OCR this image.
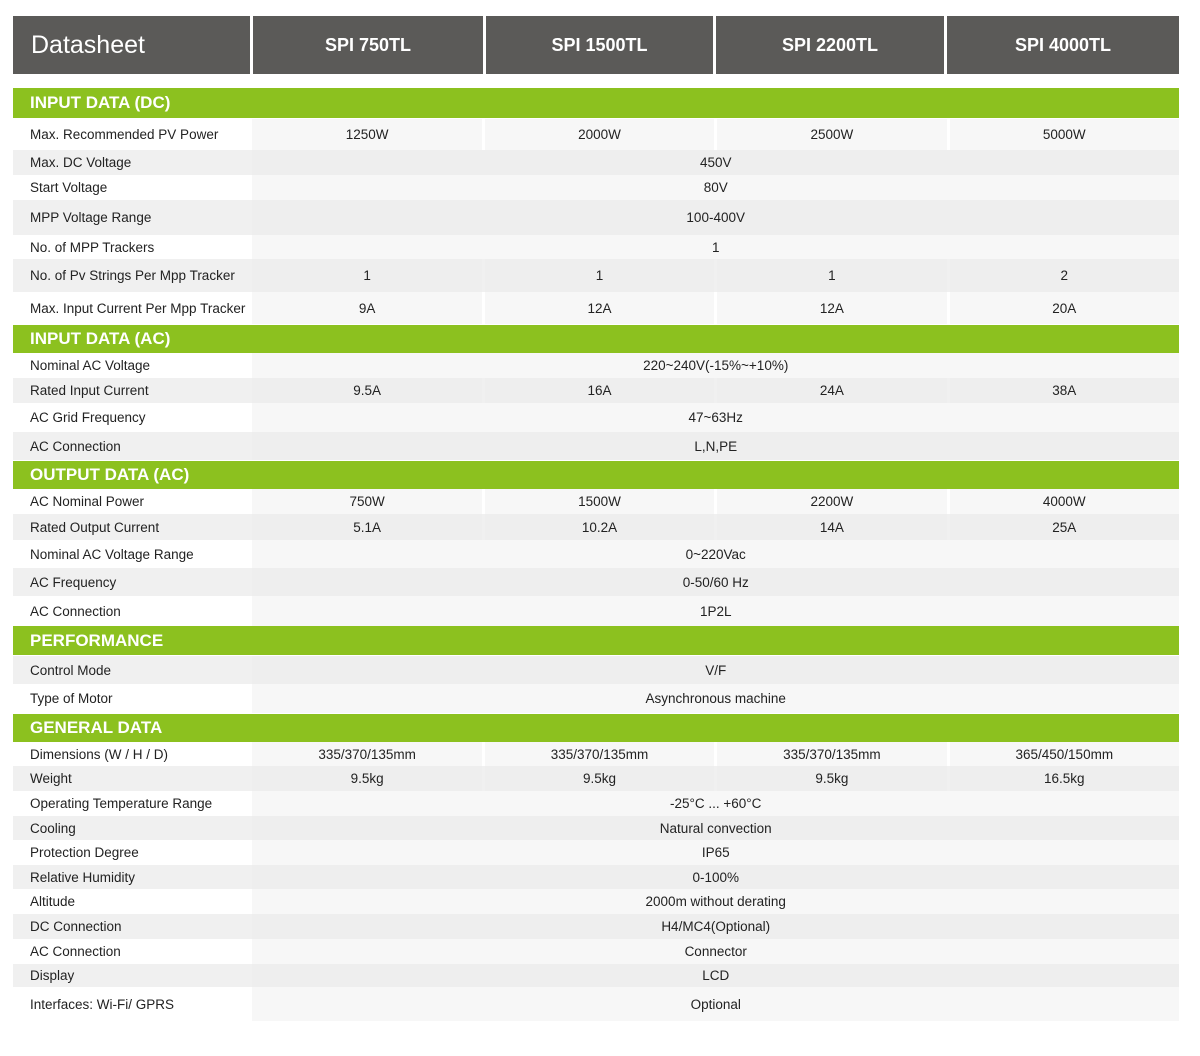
Datasheet	SPI 750TL	SPI 1500TL	SPI 2200TL	SPI 4000TL
INPUT DATA (DC)
Max. Recommended PV Power	1250W	2000W	2500W	5000W
Max. DC Voltage	450V
Start Voltage	80V
MPP Voltage Range	100-400V
No. of MPP Trackers	1
No. of Pv Strings Per Mpp Tracker	1	1	1	2
Max. Input Current Per Mpp Tracker	9A	12A	12A	20A
INPUT DATA (AC)
Nominal AC Voltage	220~240V(-15%~+10%)
Rated Input Current	9.5A	16A	24A	38A
AC Grid Frequency	47~63Hz
AC Connection	L,N,PE
OUTPUT DATA (AC)
AC Nominal Power	750W	1500W	2200W	4000W
Rated Output Current	5.1A	10.2A	14A	25A
Nominal AC Voltage Range	0~220Vac
AC Frequency	0-50/60 Hz
AC Connection	1P2L
PERFORMANCE
Control Mode	V/F
Type of Motor	Asynchronous machine
GENERAL DATA
Dimensions (W / H / D)	335/370/135mm	335/370/135mm	335/370/135mm	365/450/150mm
Weight	9.5kg	9.5kg	9.5kg	16.5kg
Operating Temperature Range	-25°C ... +60°C
Cooling	Natural convection
Protection Degree	IP65
Relative Humidity	0-100%
Altitude	2000m without derating
DC Connection	H4/MC4(Optional)
AC Connection	Connector
Display	LCD
Interfaces: Wi-Fi/ GPRS	Optional
